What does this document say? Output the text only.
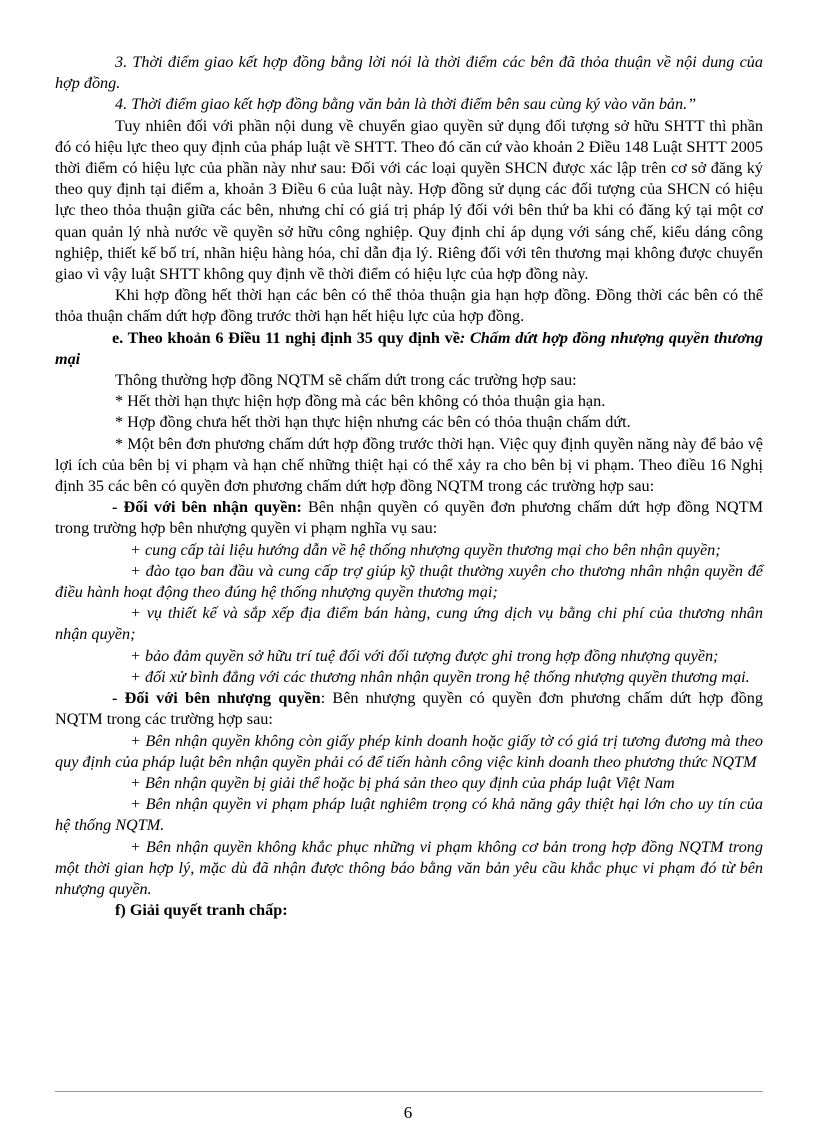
3. Thời điểm giao kết hợp đồng bằng lời nói là thời điểm các bên đã thỏa thuận về nội dung của hợp đồng.

4. Thời điểm giao kết hợp đồng bằng văn bản là thời điểm bên sau cùng ký vào văn bản.”

Tuy nhiên đối với phần nội dung về chuyển giao quyền sử dụng đối tượng sở hữu SHTT thì phần đó có hiệu lực theo quy định của pháp luật về SHTT. Theo đó căn cứ vào khoản 2 Điều 148 Luật SHTT 2005 thời điểm có hiệu lực của phần này như sau: Đối với các loại quyền SHCN được xác lập trên cơ sở đăng ký theo quy định tại điểm a, khoản 3 Điều 6 của luật này. Hợp đồng sử dụng các đối tượng của SHCN có hiệu lực theo thỏa thuận giữa các bên, nhưng chỉ có giá trị pháp lý đối với bên thứ ba khi có đăng ký tại một cơ quan quản lý nhà nước về quyền sở hữu công nghiệp. Quy định chỉ áp dụng với sáng chế, kiểu dáng công nghiệp, thiết kế bố trí, nhãn hiệu hàng hóa, chỉ dẫn địa lý. Riêng đối với tên thương mại không được chuyển giao vì vậy luật SHTT không quy định về thời điểm có hiệu lực của hợp đồng này.

Khi hợp đồng hết thời hạn các bên có thể thỏa thuận gia hạn hợp đồng. Đồng thời các bên có thể thỏa thuận chấm dứt hợp đồng trước thời hạn hết hiệu lực của hợp đồng.

e. Theo khoản 6 Điều 11 nghị định 35 quy định về: Chấm dứt hợp đồng nhượng quyền thương mại

Thông thường hợp đồng NQTM sẽ chấm dứt trong các trường hợp sau:

* Hết thời hạn thực hiện hợp đồng mà các bên không có thỏa thuận gia hạn.

* Hợp đồng chưa hết thời hạn thực hiện nhưng các bên có thỏa thuận chấm dứt.

* Một bên đơn phương chấm dứt hợp đồng trước thời hạn. Việc quy định quyền năng này để bảo vệ lợi ích của bên bị vi phạm và hạn chế những thiệt hại có thể xảy ra cho bên bị vi phạm. Theo điều 16 Nghị định 35 các bên có quyền đơn phương chấm dứt hợp đồng NQTM trong các trường hợp sau:

- Đối với bên nhận quyền: Bên nhận quyền có quyền đơn phương chấm dứt hợp đồng NQTM trong trường hợp bên nhượng quyền vi phạm nghĩa vụ sau:

+ cung cấp tài liệu hướng dẫn về hệ thống nhượng quyền thương mại cho bên nhận quyền;

+ đào tạo ban đầu và cung cấp trợ giúp kỹ thuật thường xuyên cho thương nhân nhận quyền để điều hành hoạt động theo đúng hệ thống nhượng quyền thương mại;

+ vụ thiết kế và sắp xếp địa điểm bán hàng, cung ứng dịch vụ bằng chi phí của thương nhân nhận quyền;

+ bảo đảm quyền sở hữu trí tuệ đối với đối tượng được ghi trong hợp đồng nhượng quyền;

+ đối xử bình đẳng với các thương nhân nhận quyền trong hệ thống nhượng quyền thương mại.

- Đối với bên nhượng quyền: Bên nhượng quyền có quyền đơn phương chấm dứt hợp đồng NQTM trong các trường hợp sau:

+ Bên nhận quyền không còn giấy phép kinh doanh hoặc giấy tờ có giá trị tương đương mà theo quy định của pháp luật bên nhận quyền phải có để tiến hành công việc kinh doanh theo phương thức NQTM

+ Bên nhận quyền bị giải thể hoặc bị phá sản theo quy định của pháp luật Việt Nam

+ Bên nhận quyền vi phạm pháp luật nghiêm trọng có khả năng gây thiệt hại lớn cho uy tín của hệ thống NQTM.

+ Bên nhận quyền không khắc phục những vi phạm không cơ bản trong hợp đồng NQTM trong một thời gian hợp lý, mặc dù đã nhận được thông báo bằng văn bản yêu cầu khắc phục vi phạm đó từ bên nhượng quyền.

f) Giải quyết tranh chấp:

6
